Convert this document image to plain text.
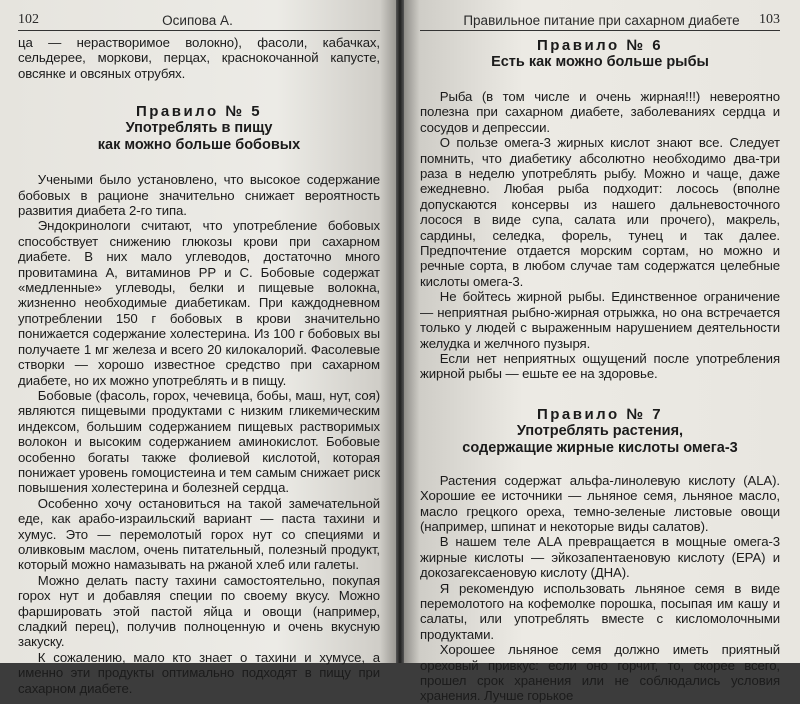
102	Осипова А.

ца — нерастворимое волокно), фасоли, кабачках, сельдерее, моркови, перцах, краснокочанной капусте, овсянке и овсяных отрубях.

Правило № 5
Употреблять в пищу
как можно больше бобовых

Учеными было установлено, что высокое содержание бобовых в рационе значительно снижает вероятность развития диабета 2-го типа.

Эндокринологи считают, что употребление бобовых способствует снижению глюкозы крови при сахарном диабете. В них мало углеводов, достаточно много провитамина А, витаминов РР и С. Бобовые содержат «медленные» углеводы, белки и пищевые волокна, жизненно необходимые диабетикам. При каждодневном употреблении 150 г бобовых в крови значительно понижается содержание холестерина. Из 100 г бобовых вы получаете 1 мг железа и всего 20 килокалорий. Фасолевые створки — хорошо известное средство при сахарном диабете, но их можно употреблять и в пищу.

Бобовые (фасоль, горох, чечевица, бобы, маш, нут, соя) являются пищевыми продуктами с низким гликемическим индексом, большим содержанием пищевых растворимых волокон и высоким содержанием аминокислот. Бобовые особенно богаты также фолиевой кислотой, которая понижает уровень гомоцистеина и тем самым снижает риск повышения холестерина и болезней сердца.

Особенно хочу остановиться на такой замечательной еде, как арабо-израильский вариант — паста тахини и хумус. Это — перемолотый горох нут со специями и оливковым маслом, очень питательный, полезный продукт, который можно намазывать на ржаной хлеб или галеты.

Можно делать пасту тахини самостоятельно, покупая горох нут и добавляя специи по своему вкусу. Можно фаршировать этой пастой яйца и овощи (например, сладкий перец), получив полноценную и очень вкусную закуску.

К сожалению, мало кто знает о тахини и хумусе, а именно эти продукты оптимально подходят в пищу при сахарном диабете.

Правильное питание при сахарном диабете	103
Правило № 6
Есть как можно больше рыбы

Рыба (в том числе и очень жирная!!!) невероятно полезна при сахарном диабете, заболеваниях сердца и сосудов и депрессии.

О пользе омега-3 жирных кислот знают все. Следует помнить, что диабетику абсолютно необходимо два-три раза в неделю употреблять рыбу. Можно и чаще, даже ежедневно. Любая рыба подходит: лосось (вполне допускаются консервы из нашего дальневосточного лосося в виде супа, салата или прочего), макрель, сардины, селедка, форель, тунец и так далее. Предпочтение отдается морским сортам, но можно и речные сорта, в любом случае там содержатся целебные кислоты омега-3.

Не бойтесь жирной рыбы. Единственное ограничение — неприятная рыбно-жирная отрыжка, но она встречается только у людей с выраженным нарушением деятельности желудка и желчного пузыря.

Если нет неприятных ощущений после употребления жирной рыбы — ешьте ее на здоровье.

Правило № 7
Употреблять растения,
содержащие жирные кислоты омега-3

Растения содержат альфа-линолевую кислоту (ALA). Хорошие ее источники — льняное семя, льняное масло, масло грецкого ореха, темно-зеленые листовые овощи (например, шпинат и некоторые виды салатов).

В нашем теле ALA превращается в мощные омега-3 жирные кислоты — эйкозапентаеновую кислоту (ЕРА) и докозагексаеновую кислоту (ДНА).

Я рекомендую использовать льняное семя в виде перемолотого на кофемолке порошка, посыпая им кашу и салаты, или употреблять вместе с кисломолочными продуктами.

Хорошее льняное семя должно иметь приятный ореховый привкус: если оно горчит, то, скорее всего, прошел срок хранения или не соблюдались условия хранения. Лучше горькое
